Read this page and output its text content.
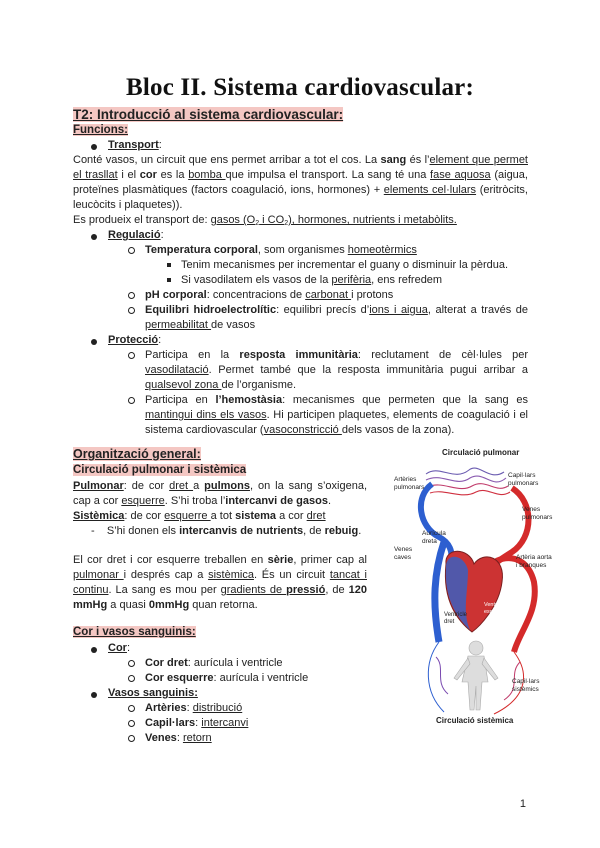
Bloc II. Sistema cardiovascular:
T2: Introducció al sistema cardiovascular:
Funcions:
Transport:
Conté vasos, un circuit que ens permet arribar a tot el cos. La sang és l’element que permet
el trasllat i el cor es la bomba que impulsa el transport. La sang té una fase aquosa (aigua,
proteïnes plasmàtiques (factors coagulació, ions, hormones) + elements cel·lulars (eritròcits,
leucòcits i plaquetes)).
Es produeix el transport de: gasos ($O_2$ i $CO_2$), hormones, nutrients i metabòlits.
Regulació:
Temperatura corporal, som organismes homeotèrmics
Tenim mecanismes per incrementar el guany o disminuir la pèrdua.
Si vasodilatem els vasos de la perifèria, ens refredem
pH corporal: concentracions de carbonat i protons
Equilibri hidroelectrolític: equilibri precís d’ions i aigua, alterat a través de
permeabilitat de vasos
Protecció:
Participa en la resposta immunitària: reclutament de cèl·lules per
vasodilatació. Permet també que la resposta immunitària pugui arribar a
qualsevol zona de l’organisme.
Participa en l’hemostàsia: mecanismes que permeten que la sang es
mantingui dins els vasos. Hi participen plaquetes, elements de coagulació i el
sistema cardiovascular (vasoconstricció dels vasos de la zona).
Organització general:
Circulació pulmonar i sistèmica
Pulmonar: de cor dret a pulmons, on la sang s’oxigena,
cap a cor esquerre. S’hi troba l’intercanvi de gasos.
Sistèmica: de cor esquerre a tot sistema a cor dret
-    S’hi donen els intercanvis de nutrients, de rebuig.
El cor dret i cor esquerre treballen en sèrie, primer cap al
pulmonar i després cap a sistèmica. És un circuit tancat i
continu. La sang es mou per gradients de pressió, de 120
mmHg a quasi 0mmHg quan retorna.
Cor i vasos sanguinis:
Cor:
Cor dret: aurícula i ventricle
Cor esquerre: aurícula i ventricle
Vasos sanguinis:
Artèries: distribució
Capil·lars: intercanvi
Venes: retorn
Circulació pulmonar
Circulació sistèmica
Capil·lars pulmonars
Artèries pulmonars
Venes pulmonars
Aurícula dreta
Venes caves	Artèria aorta i branques
Aurícula esquerra
Ventricle esquerre
Ventricle dret
Capil·lars sistèmics
1
